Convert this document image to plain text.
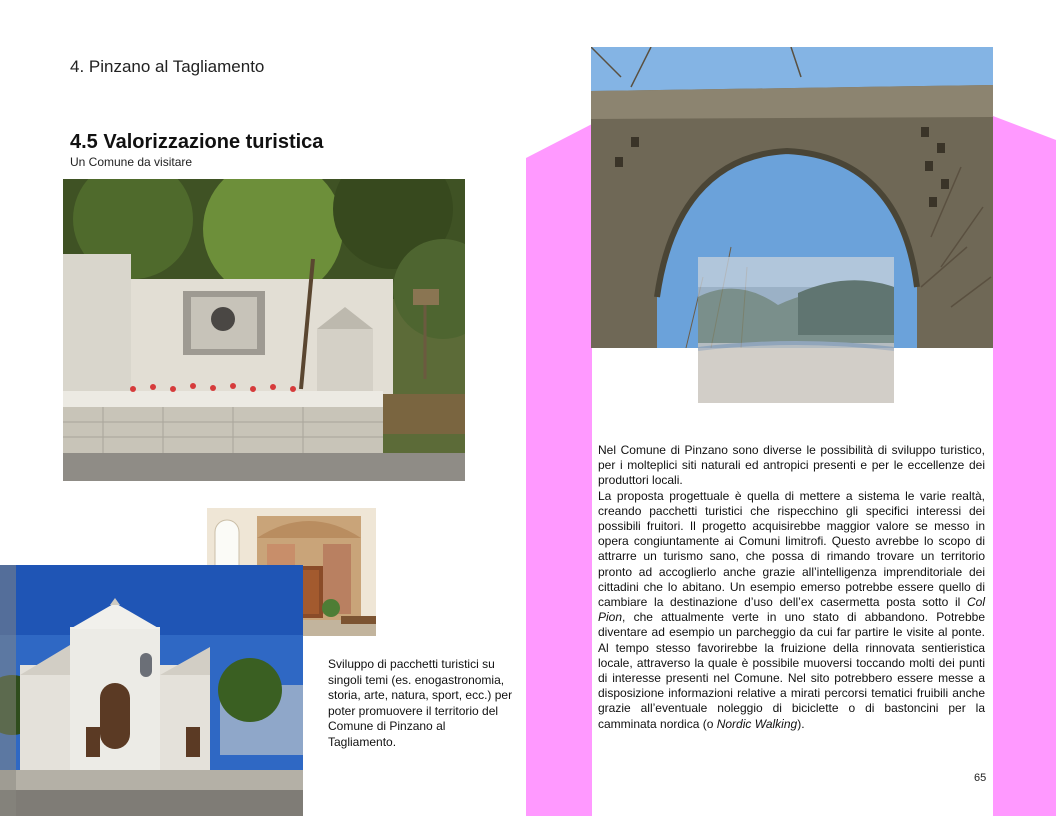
4. Pinzano al Tagliamento
4.5 Valorizzazione turistica
Un Comune da visitare
Sviluppo di pacchetti turistici su singoli temi (es. enogastronomia, storia, arte, natura, sport, ecc.) per poter promuovere il territorio del Comune di Pinzano al Tagliamento.

Nel Comune di Pinzano sono diverse le possibilità di sviluppo turistico, per i molteplici siti naturali ed antropici presenti e per le eccellenze dei produttori locali.

La proposta progettuale è quella di mettere a sistema le varie realtà, creando pacchetti turistici che rispecchino gli specifici interessi dei possibili fruitori. Il progetto acquisirebbe maggior valore se messo in opera congiuntamente ai Comuni limitrofi. Questo avrebbe lo scopo di attrarre un turismo sano, che possa di rimando trovare un territorio pronto ad accoglierlo anche grazie all’intelligenza imprenditoriale dei cittadini che lo abitano. Un esempio emerso potrebbe essere quello di cambiare la destinazione d’uso dell’ex casermetta posta sotto il Col Pion, che attualmente verte in uno stato di abbandono. Potrebbe diventare ad esempio un parcheggio da cui far partire le visite al ponte. Al tempo stesso favorirebbe la fruizione della rinnovata sentieristica locale, attraverso la quale è possibile muoversi toccando molti dei punti di interesse presenti nel Comune. Nel sito potrebbero essere messe a disposizione informazioni relative a mirati percorsi tematici fruibili anche grazie all’eventuale noleggio di biciclette o di bastoncini per la camminata nordica (o Nordic Walking).

65
